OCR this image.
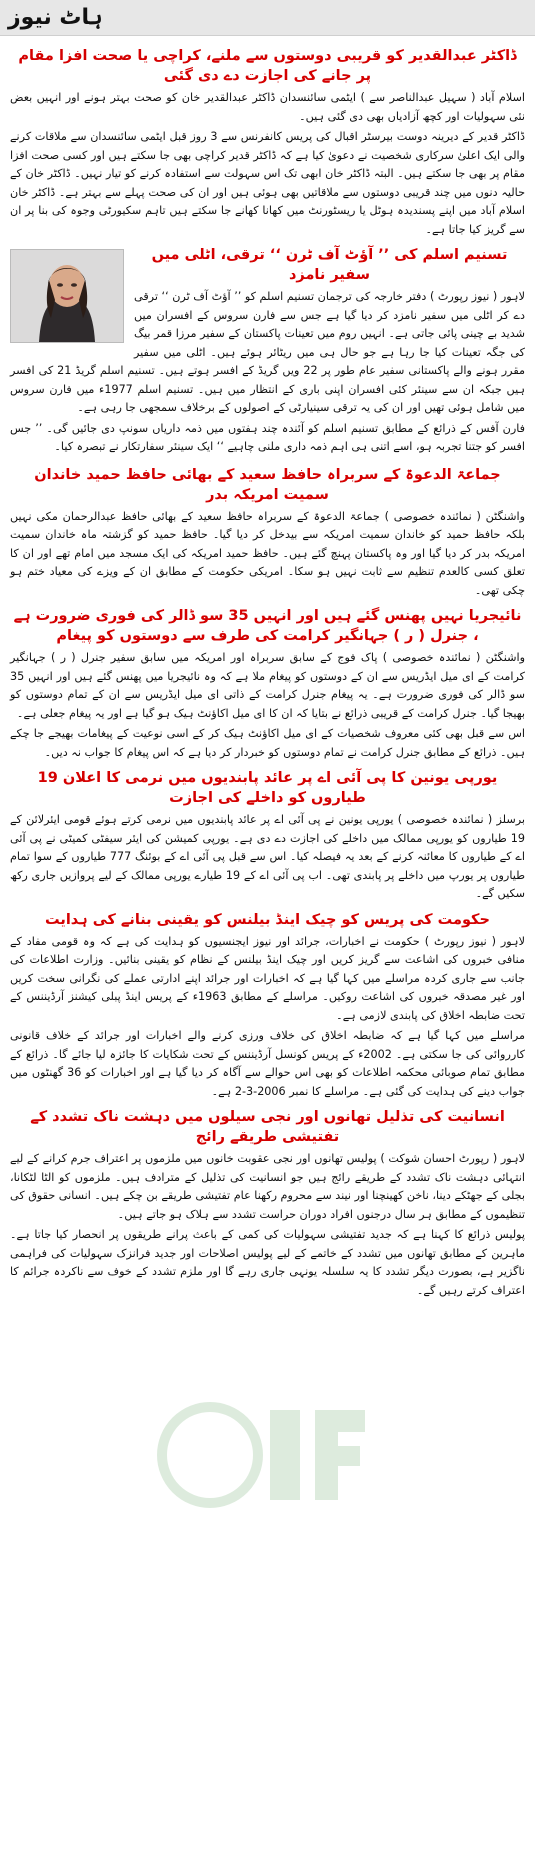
ہاٹ نیوز
ڈاکٹر عبدالقدیر کو قریبی دوستوں سے ملنے، کراچی یا صحت افزا مقام پر جانے کی اجازت دے دی گئی

اسلام آباد ( سہیل عبدالناصر سے ) ایٹمی سائنسدان ڈاکٹر عبدالقدیر خان کو صحت بہتر ہونے اور انہیں بعض نئی سہولیات اور کچھ آزادیاں بھی دی گئی ہیں۔

ڈاکٹر قدیر کے دیرینہ دوست بیرسٹر اقبال کی پریس کانفرنس سے 3 روز قبل ایٹمی سائنسدان سے ملاقات کرنے والی ایک اعلیٰ سرکاری شخصیت نے دعویٰ کیا ہے کہ ڈاکٹر قدیر کراچی بھی جا سکتے ہیں اور کسی صحت افزا مقام پر بھی جا سکتے ہیں۔ البتہ ڈاکٹر خان ابھی تک اس سہولت سے استفادہ کرنے کو تیار نہیں۔ ڈاکٹر خان کے حالیہ دنوں میں چند قریبی دوستوں سے ملاقاتیں بھی ہوئی ہیں اور ان کی صحت پہلے سے بہتر ہے۔ ڈاکٹر خان اسلام آباد میں اپنے پسندیدہ ہوٹل یا ریسٹورنٹ میں کھانا کھانے جا سکتے ہیں تاہم سکیورٹی وجوہ کی بنا پر ان سے گریز کیا جاتا ہے۔

تسنیم اسلم کی ’’ آؤٹ آف ٹرن ‘‘ ترقی، اٹلی میں سفیر نامزد

لاہور ( نیوز رپورٹ ) دفتر خارجہ کی ترجمان تسنیم اسلم کو ’’ آؤٹ آف ٹرن ‘‘ ترقی دے کر اٹلی میں سفیر نامزد کر دیا گیا ہے جس سے فارن سروس کے افسران میں شدید بے چینی پائی جاتی ہے۔ انہیں روم میں تعینات پاکستان کے سفیر مرزا قمر بیگ کی جگہ تعینات کیا جا رہا ہے جو حال ہی میں ریٹائر ہوئے ہیں۔ اٹلی میں سفیر مقرر ہونے والے پاکستانی سفیر عام طور پر 22 ویں گریڈ کے افسر ہوتے ہیں۔ تسنیم اسلم گریڈ 21 کی افسر ہیں جبکہ ان سے سینئر کئی افسران اپنی باری کے انتظار میں ہیں۔ تسنیم اسلم 1977ء میں فارن سروس میں شامل ہوئی تھیں اور ان کی یہ ترقی سینیارٹی کے اصولوں کے برخلاف سمجھی جا رہی ہے۔

فارن آفس کے ذرائع کے مطابق تسنیم اسلم کو آئندہ چند ہفتوں میں ذمہ داریاں سونپ دی جائیں گی۔ ’’ جس افسر کو جتنا تجربہ ہو، اسے اتنی ہی اہم ذمہ داری ملنی چاہیے ‘‘ ایک سینئر سفارتکار نے تبصرہ کیا۔

جماعۃ الدعوۃ کے سربراہ حافظ سعید کے بھائی حافظ حمید خاندان سمیت امریکہ بدر

واشنگٹن ( نمائندہ خصوصی ) جماعۃ الدعوۃ کے سربراہ حافظ سعید کے بھائی حافظ عبدالرحمان مکی نہیں بلکہ حافظ حمید کو خاندان سمیت امریکہ سے بیدخل کر دیا گیا۔ حافظ حمید کو گزشتہ ماہ خاندان سمیت امریکہ بدر کر دیا گیا اور وہ پاکستان پہنچ گئے ہیں۔ حافظ حمید امریکہ کی ایک مسجد میں امام تھے اور ان کا تعلق کسی کالعدم تنظیم سے ثابت نہیں ہو سکا۔ امریکی حکومت کے مطابق ان کے ویزے کی معیاد ختم ہو چکی تھی۔

نائیجریا نہیں پھنس گئے ہیں اور انہیں 35 سو ڈالر کی فوری ضرورت ہے ، جنرل ( ر ) جہانگیر کرامت کی طرف سے دوستوں کو پیغام

واشنگٹن ( نمائندہ خصوصی ) پاک فوج کے سابق سربراہ اور امریکہ میں سابق سفیر جنرل ( ر ) جہانگیر کرامت کے ای میل ایڈریس سے ان کے دوستوں کو پیغام ملا ہے کہ وہ نائیجریا میں پھنس گئے ہیں اور انہیں 35 سو ڈالر کی فوری ضرورت ہے۔ یہ پیغام جنرل کرامت کے ذاتی ای میل ایڈریس سے ان کے تمام دوستوں کو بھیجا گیا۔ جنرل کرامت کے قریبی ذرائع نے بتایا کہ ان کا ای میل اکاؤنٹ ہیک ہو گیا ہے اور یہ پیغام جعلی ہے۔

اس سے قبل بھی کئی معروف شخصیات کے ای میل اکاؤنٹ ہیک کر کے اسی نوعیت کے پیغامات بھیجے جا چکے ہیں۔ ذرائع کے مطابق جنرل کرامت نے تمام دوستوں کو خبردار کر دیا ہے کہ اس پیغام کا جواب نہ دیں۔

یورپی یونین کا پی آئی اے پر عائد پابندیوں میں نرمی کا اعلان 19 طیاروں کو داخلے کی اجازت

برسلز ( نمائندہ خصوصی ) یورپی یونین نے پی آئی اے پر عائد پابندیوں میں نرمی کرتے ہوئے قومی ایئرلائن کے 19 طیاروں کو یورپی ممالک میں داخلے کی اجازت دے دی ہے۔ یورپی کمیشن کی ایئر سیفٹی کمیٹی نے پی آئی اے کے طیاروں کا معائنہ کرنے کے بعد یہ فیصلہ کیا۔ اس سے قبل پی آئی اے کے بوئنگ 777 طیاروں کے سوا تمام طیاروں پر یورپ میں داخلے پر پابندی تھی۔ اب پی آئی اے کے 19 طیارے یورپی ممالک کے لیے پروازیں جاری رکھ سکیں گے۔

حکومت کی پریس کو چیک اینڈ بیلنس کو یقینی بنانے کی ہدایت

لاہور ( نیوز رپورٹ ) حکومت نے اخبارات، جرائد اور نیوز ایجنسیوں کو ہدایت کی ہے کہ وہ قومی مفاد کے منافی خبروں کی اشاعت سے گریز کریں اور چیک اینڈ بیلنس کے نظام کو یقینی بنائیں۔ وزارت اطلاعات کی جانب سے جاری کردہ مراسلے میں کہا گیا ہے کہ اخبارات اور جرائد اپنے ادارتی عملے کی نگرانی سخت کریں اور غیر مصدقہ خبروں کی اشاعت روکیں۔ مراسلے کے مطابق 1963ء کے پریس اینڈ پبلی کیشنز آرڈیننس کے تحت ضابطہ اخلاق کی پابندی لازمی ہے۔

مراسلے میں کہا گیا ہے کہ ضابطہ اخلاق کی خلاف ورزی کرنے والے اخبارات اور جرائد کے خلاف قانونی کارروائی کی جا سکتی ہے۔ 2002ء کے پریس کونسل آرڈیننس کے تحت شکایات کا جائزہ لیا جائے گا۔ ذرائع کے مطابق تمام صوبائی محکمہ اطلاعات کو بھی اس حوالے سے آگاہ کر دیا گیا ہے اور اخبارات کو 36 گھنٹوں میں جواب دینے کی ہدایت کی گئی ہے۔ مراسلے کا نمبر 2006-3-2 ہے۔

انسانیت کی تذلیل تھانوں اور نجی سیلوں میں دہشت ناک تشدد کے تفتیشی طریقے رائج

لاہور ( رپورٹ احسان شوکت ) پولیس تھانوں اور نجی عقوبت خانوں میں ملزموں پر اعتراف جرم کرانے کے لیے انتہائی دہشت ناک تشدد کے طریقے رائج ہیں جو انسانیت کی تذلیل کے مترادف ہیں۔ ملزموں کو الٹا لٹکانا، بجلی کے جھٹکے دینا، ناخن کھینچنا اور نیند سے محروم رکھنا عام تفتیشی طریقے بن چکے ہیں۔ انسانی حقوق کی تنظیموں کے مطابق ہر سال درجنوں افراد دوران حراست تشدد سے ہلاک ہو جاتے ہیں۔

پولیس ذرائع کا کہنا ہے کہ جدید تفتیشی سہولیات کی کمی کے باعث پرانے طریقوں پر انحصار کیا جاتا ہے۔ ماہرین کے مطابق تھانوں میں تشدد کے خاتمے کے لیے پولیس اصلاحات اور جدید فرانزک سہولیات کی فراہمی ناگزیر ہے، بصورت دیگر تشدد کا یہ سلسلہ یونہی جاری رہے گا اور ملزم تشدد کے خوف سے ناکردہ جرائم کا اعتراف کرتے رہیں گے۔
